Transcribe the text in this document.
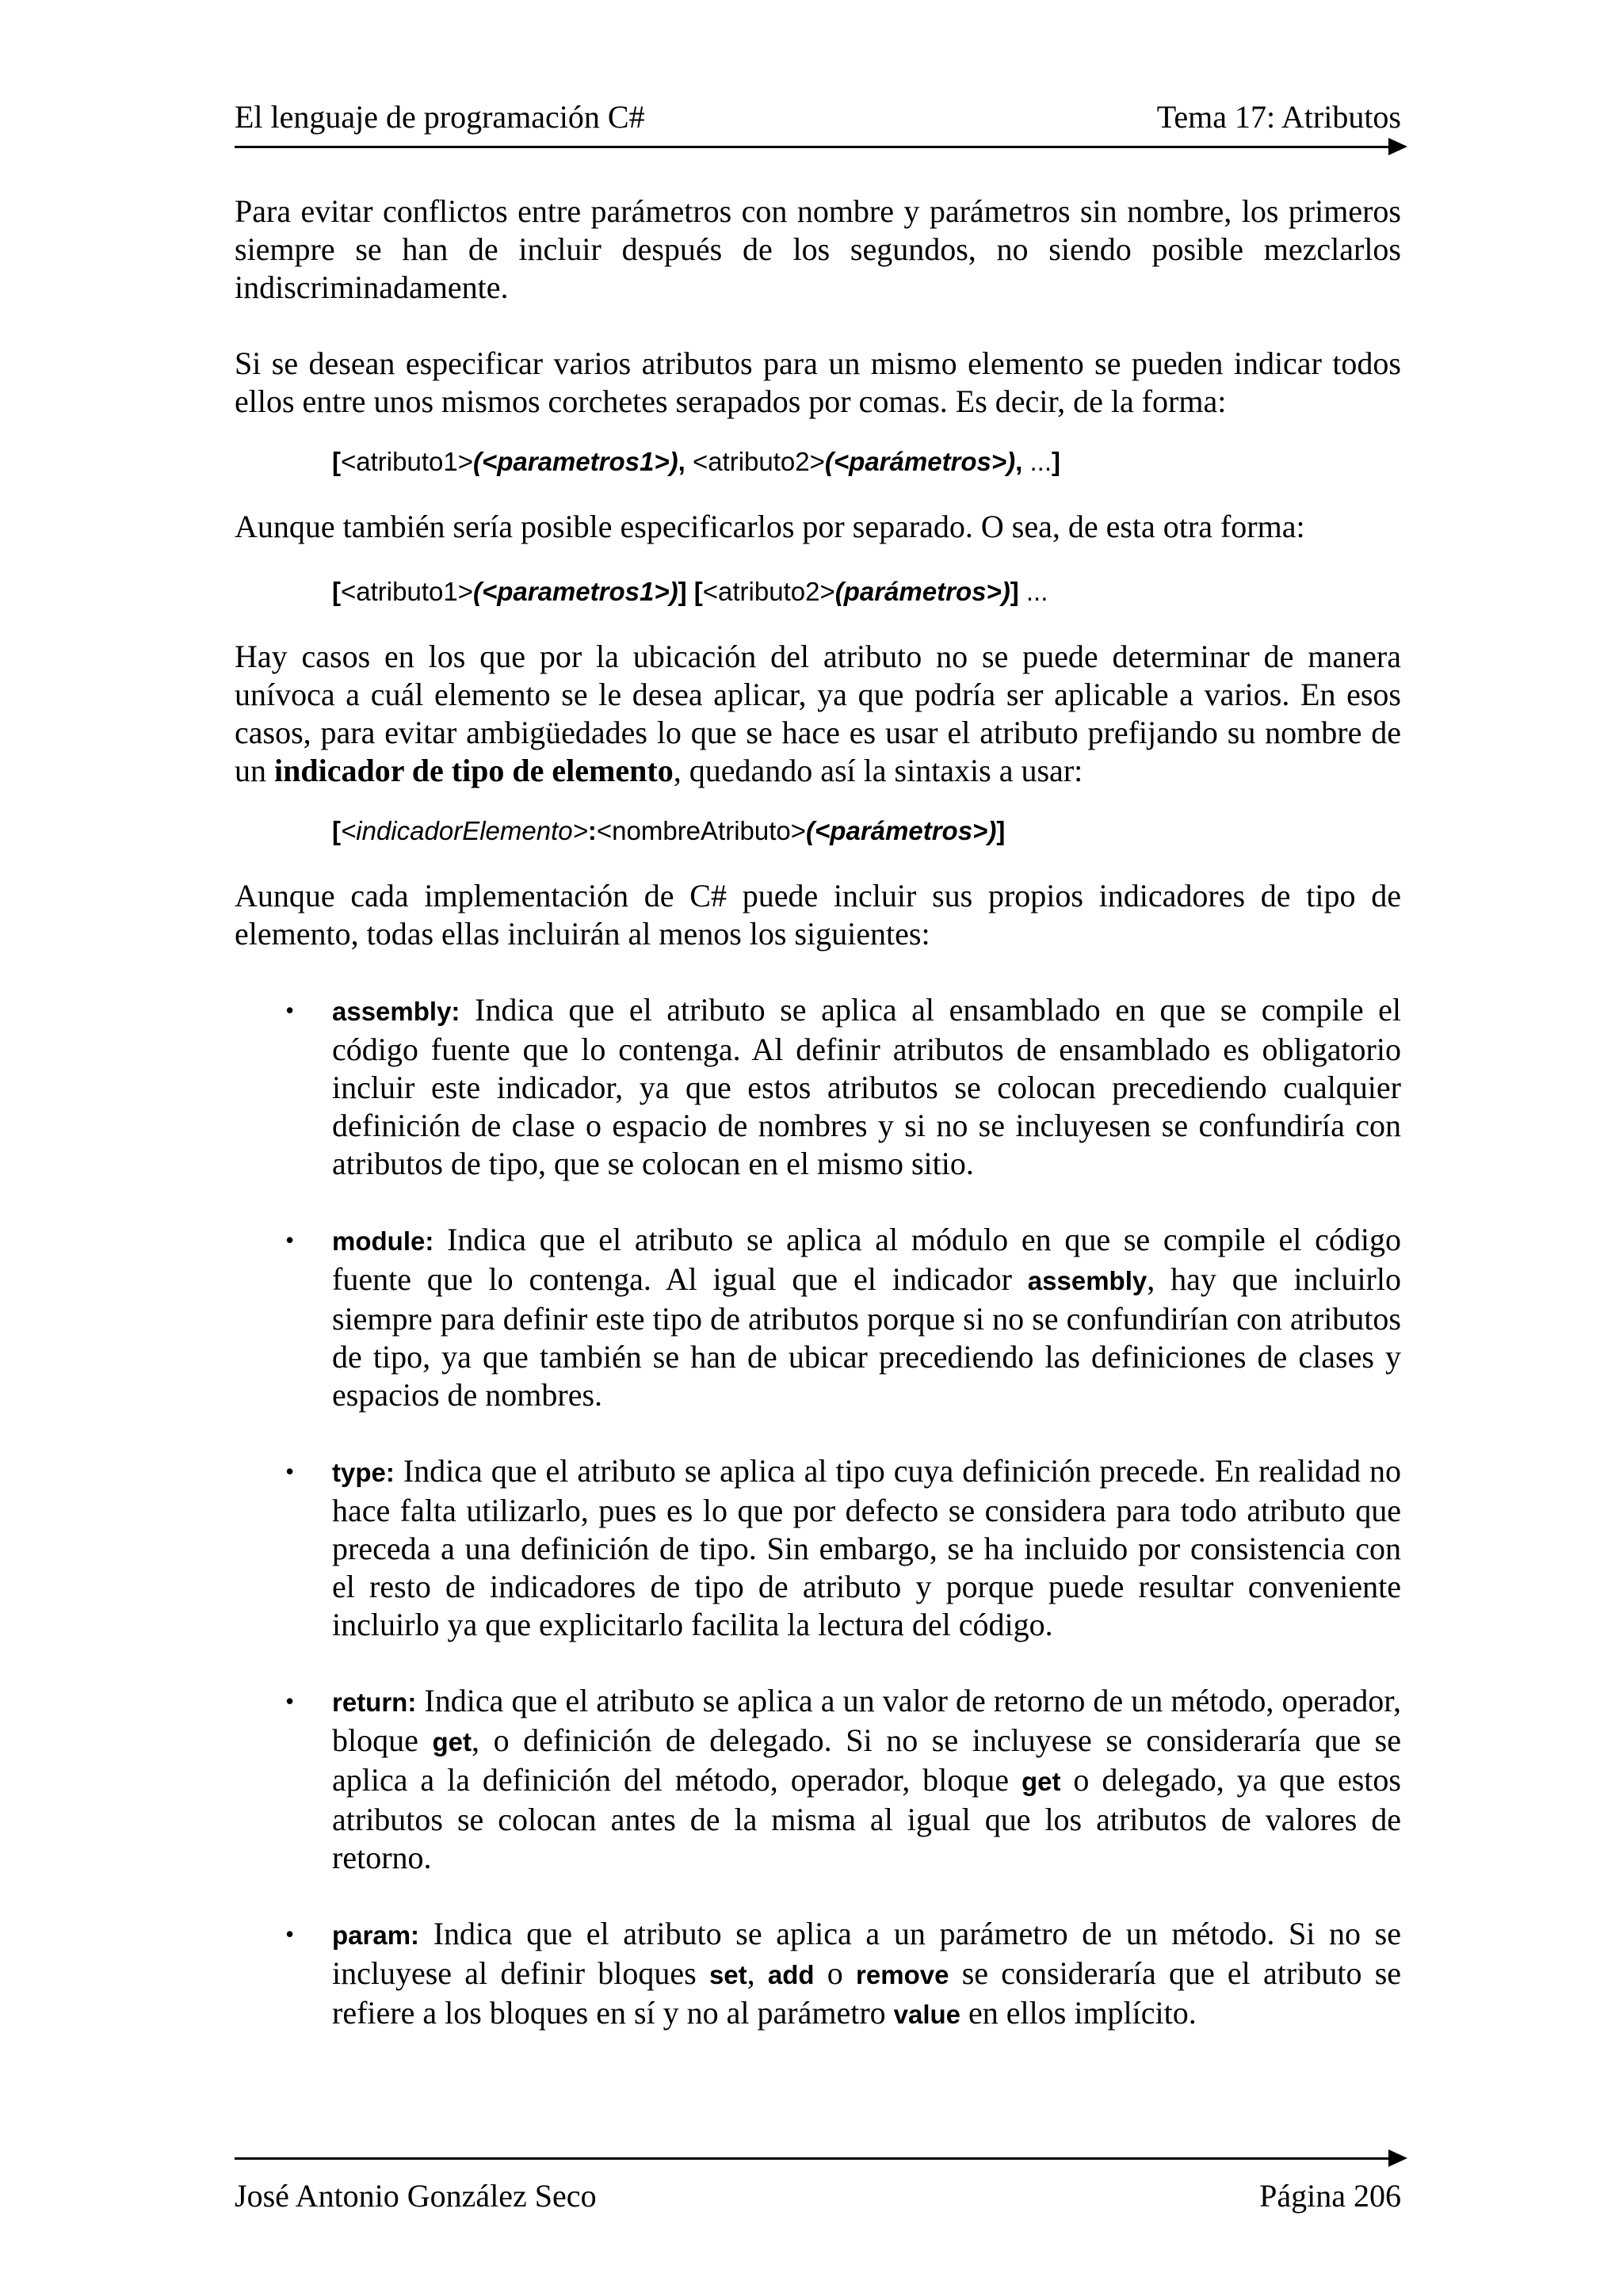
El lenguaje de programación C#	Tema 17: Atributos

Para evitar conflictos entre parámetros con nombre y parámetros sin nombre, los primeros siempre se han de incluir después de los segundos, no siendo posible mezclarlos indiscriminadamente.

Si se desean especificar varios atributos para un mismo elemento se pueden indicar todos ellos entre unos mismos corchetes serapados por comas. Es decir, de la forma:

[<atributo1>(<parametros1>), <atributo2>(<parámetros>), ...]

Aunque también sería posible especificarlos por separado. O sea, de esta otra forma:

[<atributo1>(<parametros1>)] [<atributo2>(parámetros>)] ...

Hay casos en los que por la ubicación del atributo no se puede determinar de manera unívoca a cuál elemento se le desea aplicar, ya que podría ser aplicable a varios. En esos casos, para evitar ambigüedades lo que se hace es usar el atributo prefijando su nombre de un indicador de tipo de elemento, quedando así la sintaxis a usar:

[<indicadorElemento>:<nombreAtributo>(<parámetros>)]

Aunque cada implementación de C# puede incluir sus propios indicadores de tipo de elemento, todas ellas incluirán al menos los siguientes:

• assembly: Indica que el atributo se aplica al ensamblado en que se compile el código fuente que lo contenga. Al definir atributos de ensamblado es obligatorio incluir este indicador, ya que estos atributos se colocan precediendo cualquier definición de clase o espacio de nombres y si no se incluyesen se confundiría con atributos de tipo, que se colocan en el mismo sitio.
• module: Indica que el atributo se aplica al módulo en que se compile el código fuente que lo contenga. Al igual que el indicador assembly, hay que incluirlo siempre para definir este tipo de atributos porque si no se confundirían con atributos de tipo, ya que también se han de ubicar precediendo las definiciones de clases y espacios de nombres.
• type: Indica que el atributo se aplica al tipo cuya definición precede. En realidad no hace falta utilizarlo, pues es lo que por defecto se considera para todo atributo que preceda a una definición de tipo. Sin embargo, se ha incluido por consistencia con el resto de indicadores de tipo de atributo y porque puede resultar conveniente incluirlo ya que explicitarlo facilita la lectura del código.
• return: Indica que el atributo se aplica a un valor de retorno de un método, operador, bloque get, o definición de delegado. Si no se incluyese se consideraría que se aplica a la definición del método, operador, bloque get o delegado, ya que estos atributos se colocan antes de la misma al igual que los atributos de valores de retorno.
• param: Indica que el atributo se aplica a un parámetro de un método. Si no se incluyese al definir bloques set, add o remove se consideraría que el atributo se refiere a los bloques en sí y no al parámetro value en ellos implícito.
José Antonio González Seco	Página 206
